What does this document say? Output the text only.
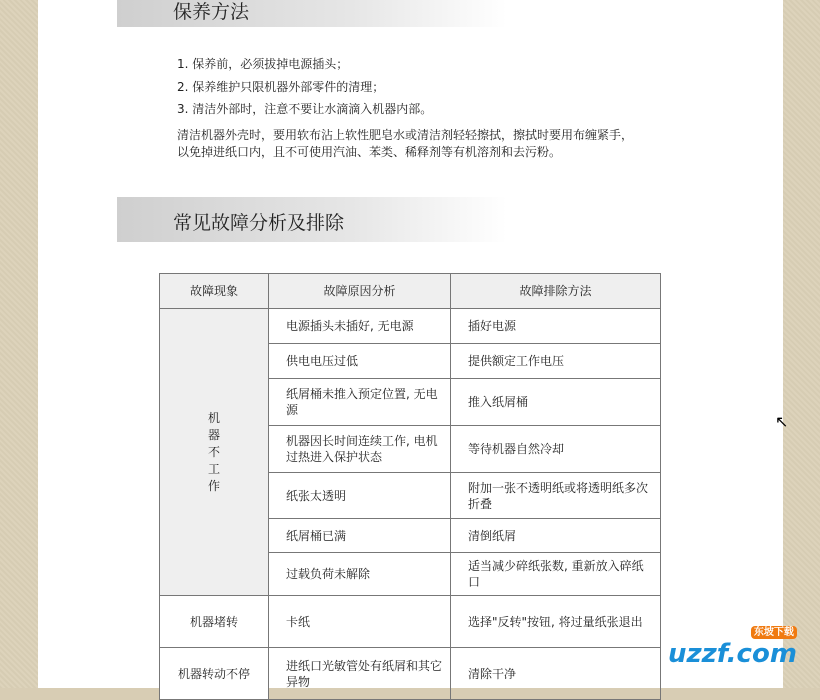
保养方法
1. 保养前，必须拔掉电源插头；
2. 保养维护只限机器外部零件的清理；
3. 清洁外部时，注意不要让水滴滴入机器内部。
清洁机器外壳时，要用软布沾上软性肥皂水或清洁剂轻轻擦拭，擦拭时要用布缠紧手，
以免掉进纸口内，且不可使用汽油、苯类、稀释剂等有机溶剂和去污粉。
常见故障分析及排除
故障现象	故障原因分析	故障排除方法

机器不工作	电源插头未插好, 无电源	插好电源
	供电电压过低	提供额定工作电压
	纸屑桶未推入预定位置, 无电源	推入纸屑桶
	机器因长时间连续工作, 电机过热进入保护状态	等待机器自然冷却
	纸张太透明	附加一张不透明纸或将透明纸多次折叠
	纸屑桶已满	清倒纸屑
	过载负荷未解除	适当减少碎纸张数, 重新放入碎纸口
机器堵转	卡纸	选择"反转"按钮, 将过量纸张退出
机器转动不停	进纸口光敏管处有纸屑和其它异物	清除干净
↖
东坡下载
uzzf.com
